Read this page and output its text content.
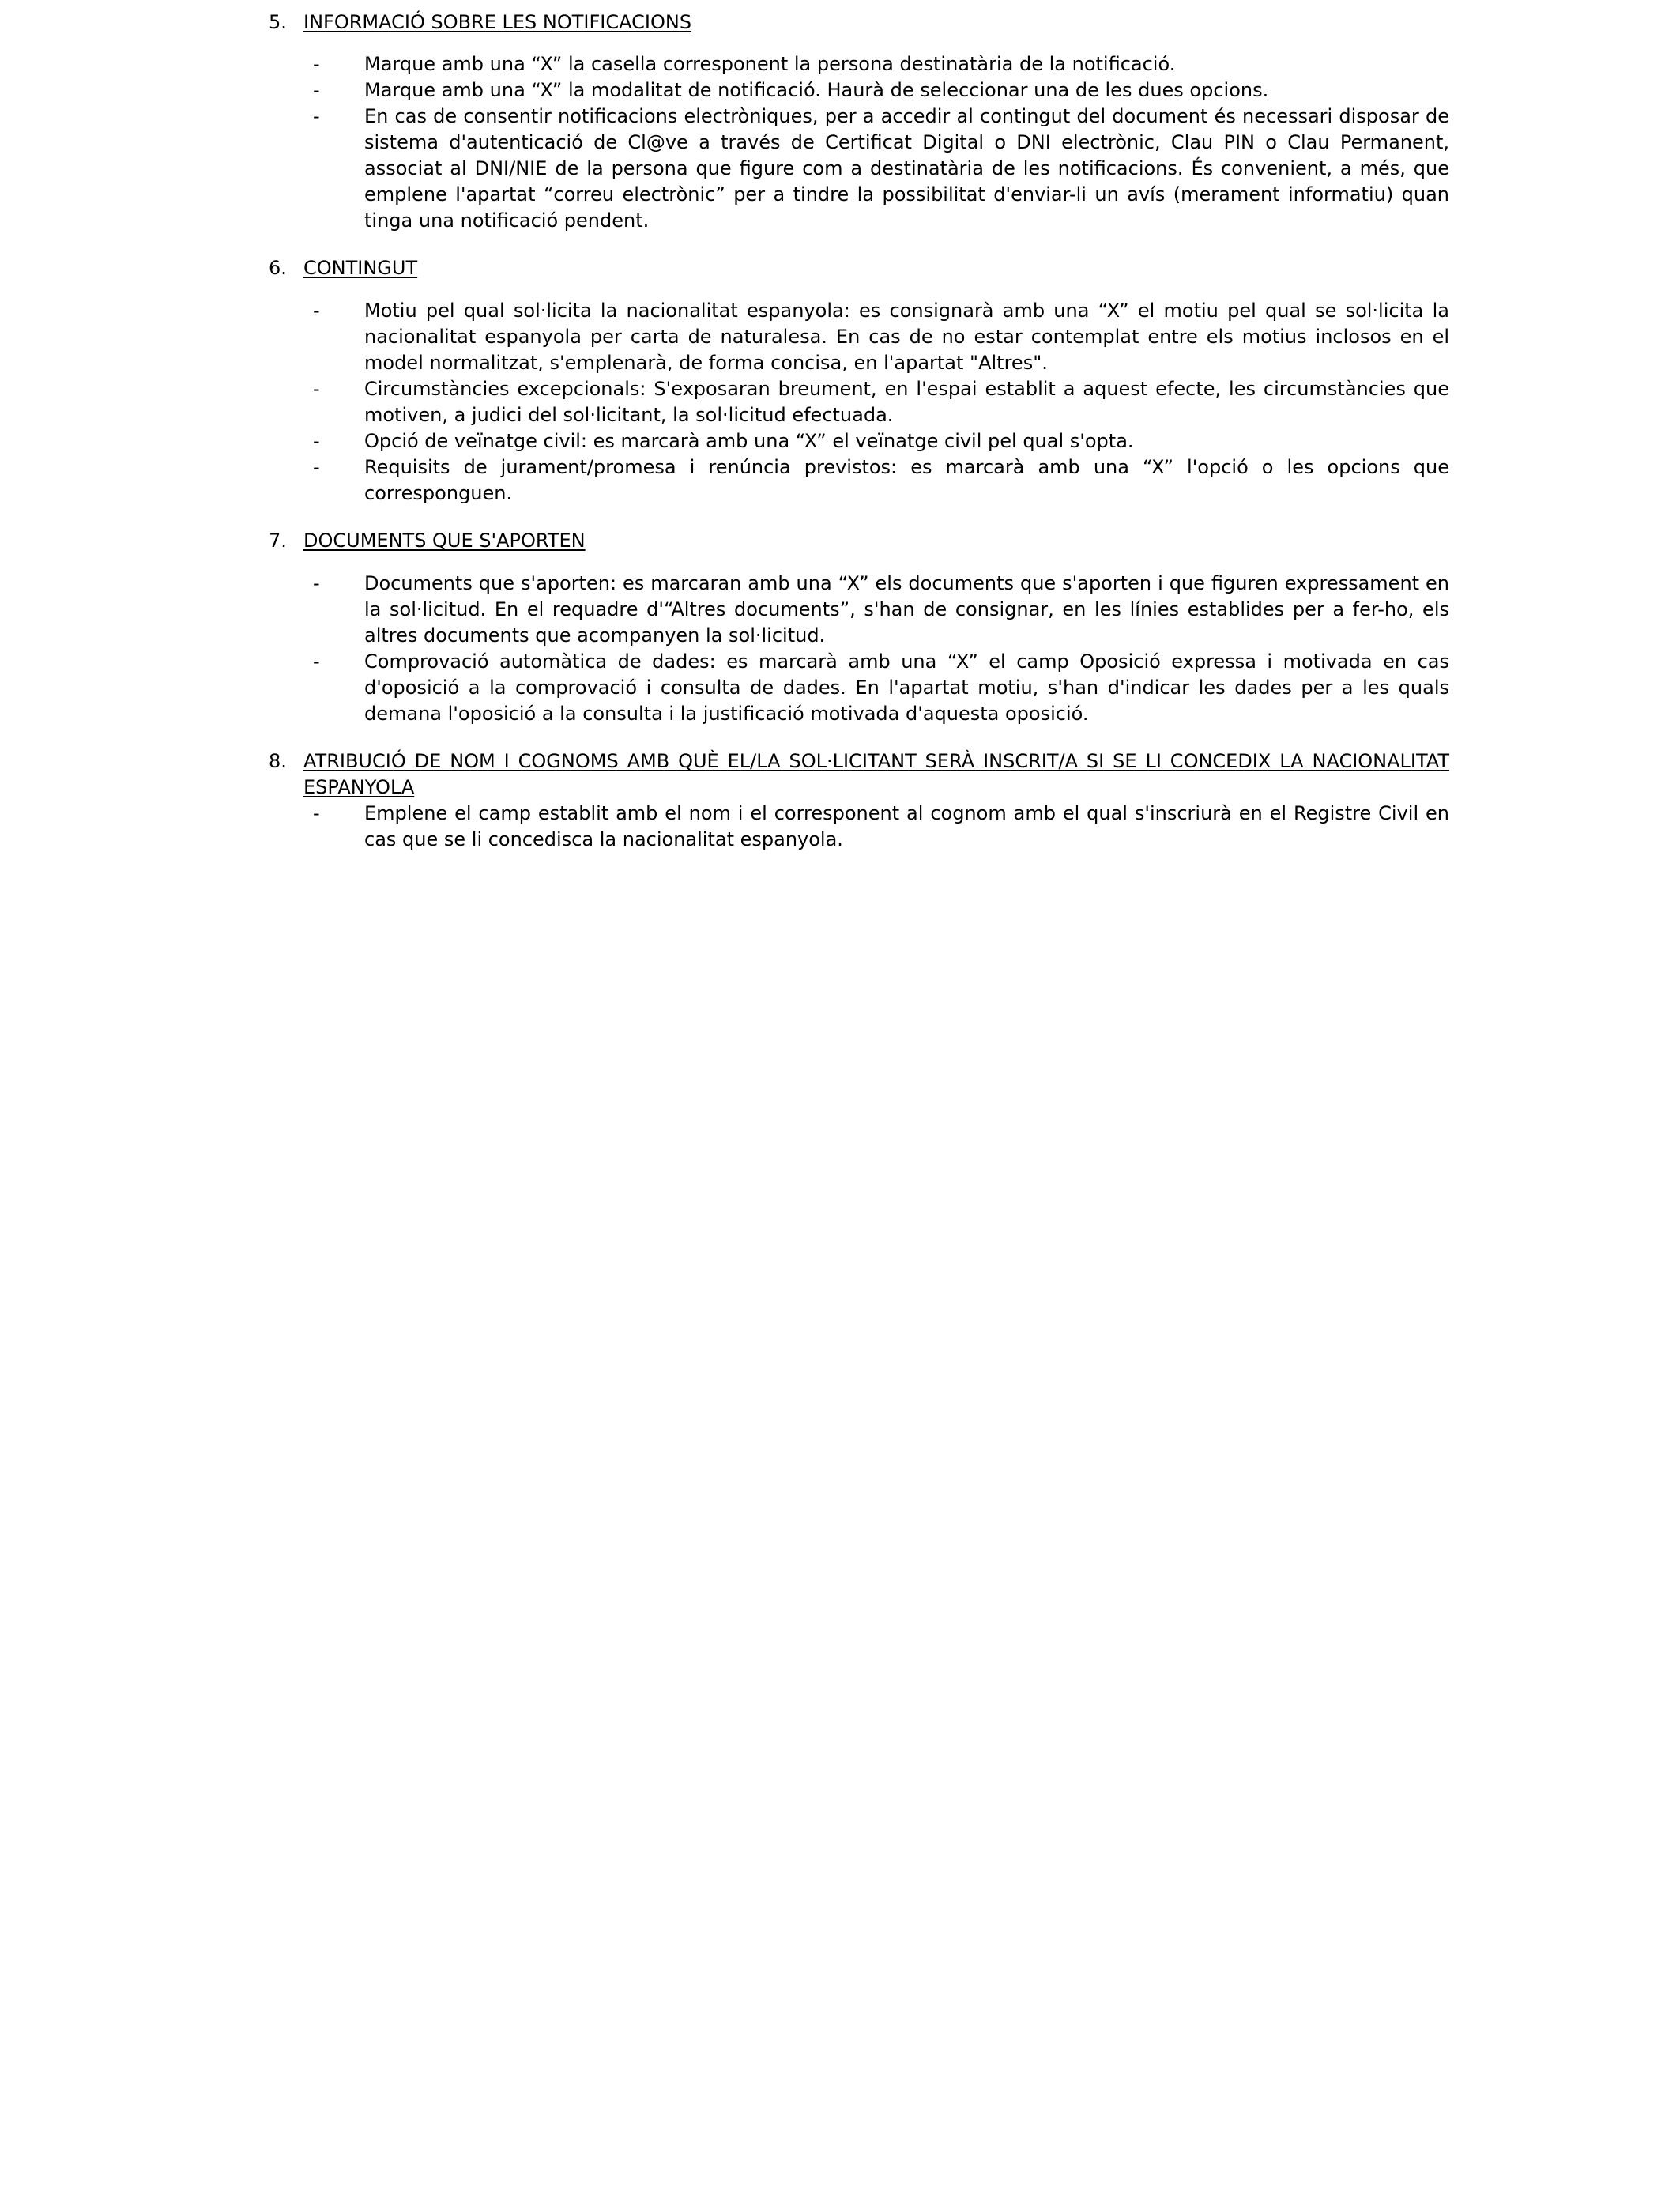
5. INFORMACIÓ SOBRE LES NOTIFICACIONS
-	Marque amb una “X” la casella corresponent la persona destinatària de la notificació.
-	Marque amb una “X” la modalitat de notificació. Haurà de seleccionar una de les dues opcions.
-	En cas de consentir notificacions electròniques, per a accedir al contingut del document és necessari disposar de sistema d'autenticació de Cl@ve a través de Certificat Digital o DNI electrònic, Clau PIN o Clau Permanent, associat al DNI/NIE de la persona que figure com a destinatària de les notificacions. És convenient, a més, que emplene l'apartat “correu electrònic” per a tindre la possibilitat d'enviar-li un avís (merament informatiu) quan tinga una notificació pendent.
6. CONTINGUT
-	Motiu pel qual sol·licita la nacionalitat espanyola: es consignarà amb una “X” el motiu pel qual se sol·licita la nacionalitat espanyola per carta de naturalesa. En cas de no estar contemplat entre els motius inclosos en el model normalitzat, s'emplenarà, de forma concisa, en l'apartat "Altres".
-	Circumstàncies excepcionals: S'exposaran breument, en l'espai establit a aquest efecte, les circumstàncies que motiven, a judici del sol·licitant, la sol·licitud efectuada.
-	Opció de veïnatge civil: es marcarà amb una “X” el veïnatge civil pel qual s'opta.
-	Requisits de jurament/promesa i renúncia previstos: es marcarà amb una “X” l'opció o les opcions que corresponguen.
7. DOCUMENTS QUE S'APORTEN
-	Documents que s'aporten: es marcaran amb una “X” els documents que s'aporten i que figuren expressament en la sol·licitud. En el requadre d'“Altres documents”, s'han de consignar, en les línies establides per a fer-ho, els altres documents que acompanyen la sol·licitud.
-	Comprovació automàtica de dades: es marcarà amb una “X” el camp Oposició expressa i motivada en cas d'oposició a la comprovació i consulta de dades. En l'apartat motiu, s'han d'indicar les dades per a les quals demana l'oposició a la consulta i la justificació motivada d'aquesta oposició.
8. ATRIBUCIÓ DE NOM I COGNOMS AMB QUÈ EL/LA SOL·LICITANT SERÀ INSCRIT/A SI SE LI CONCEDIX LA NACIONALITAT ESPANYOLA
-	Emplene el camp establit amb el nom i el corresponent al cognom amb el qual s'inscriurà en el Registre Civil en cas que se li concedisca la nacionalitat espanyola.
